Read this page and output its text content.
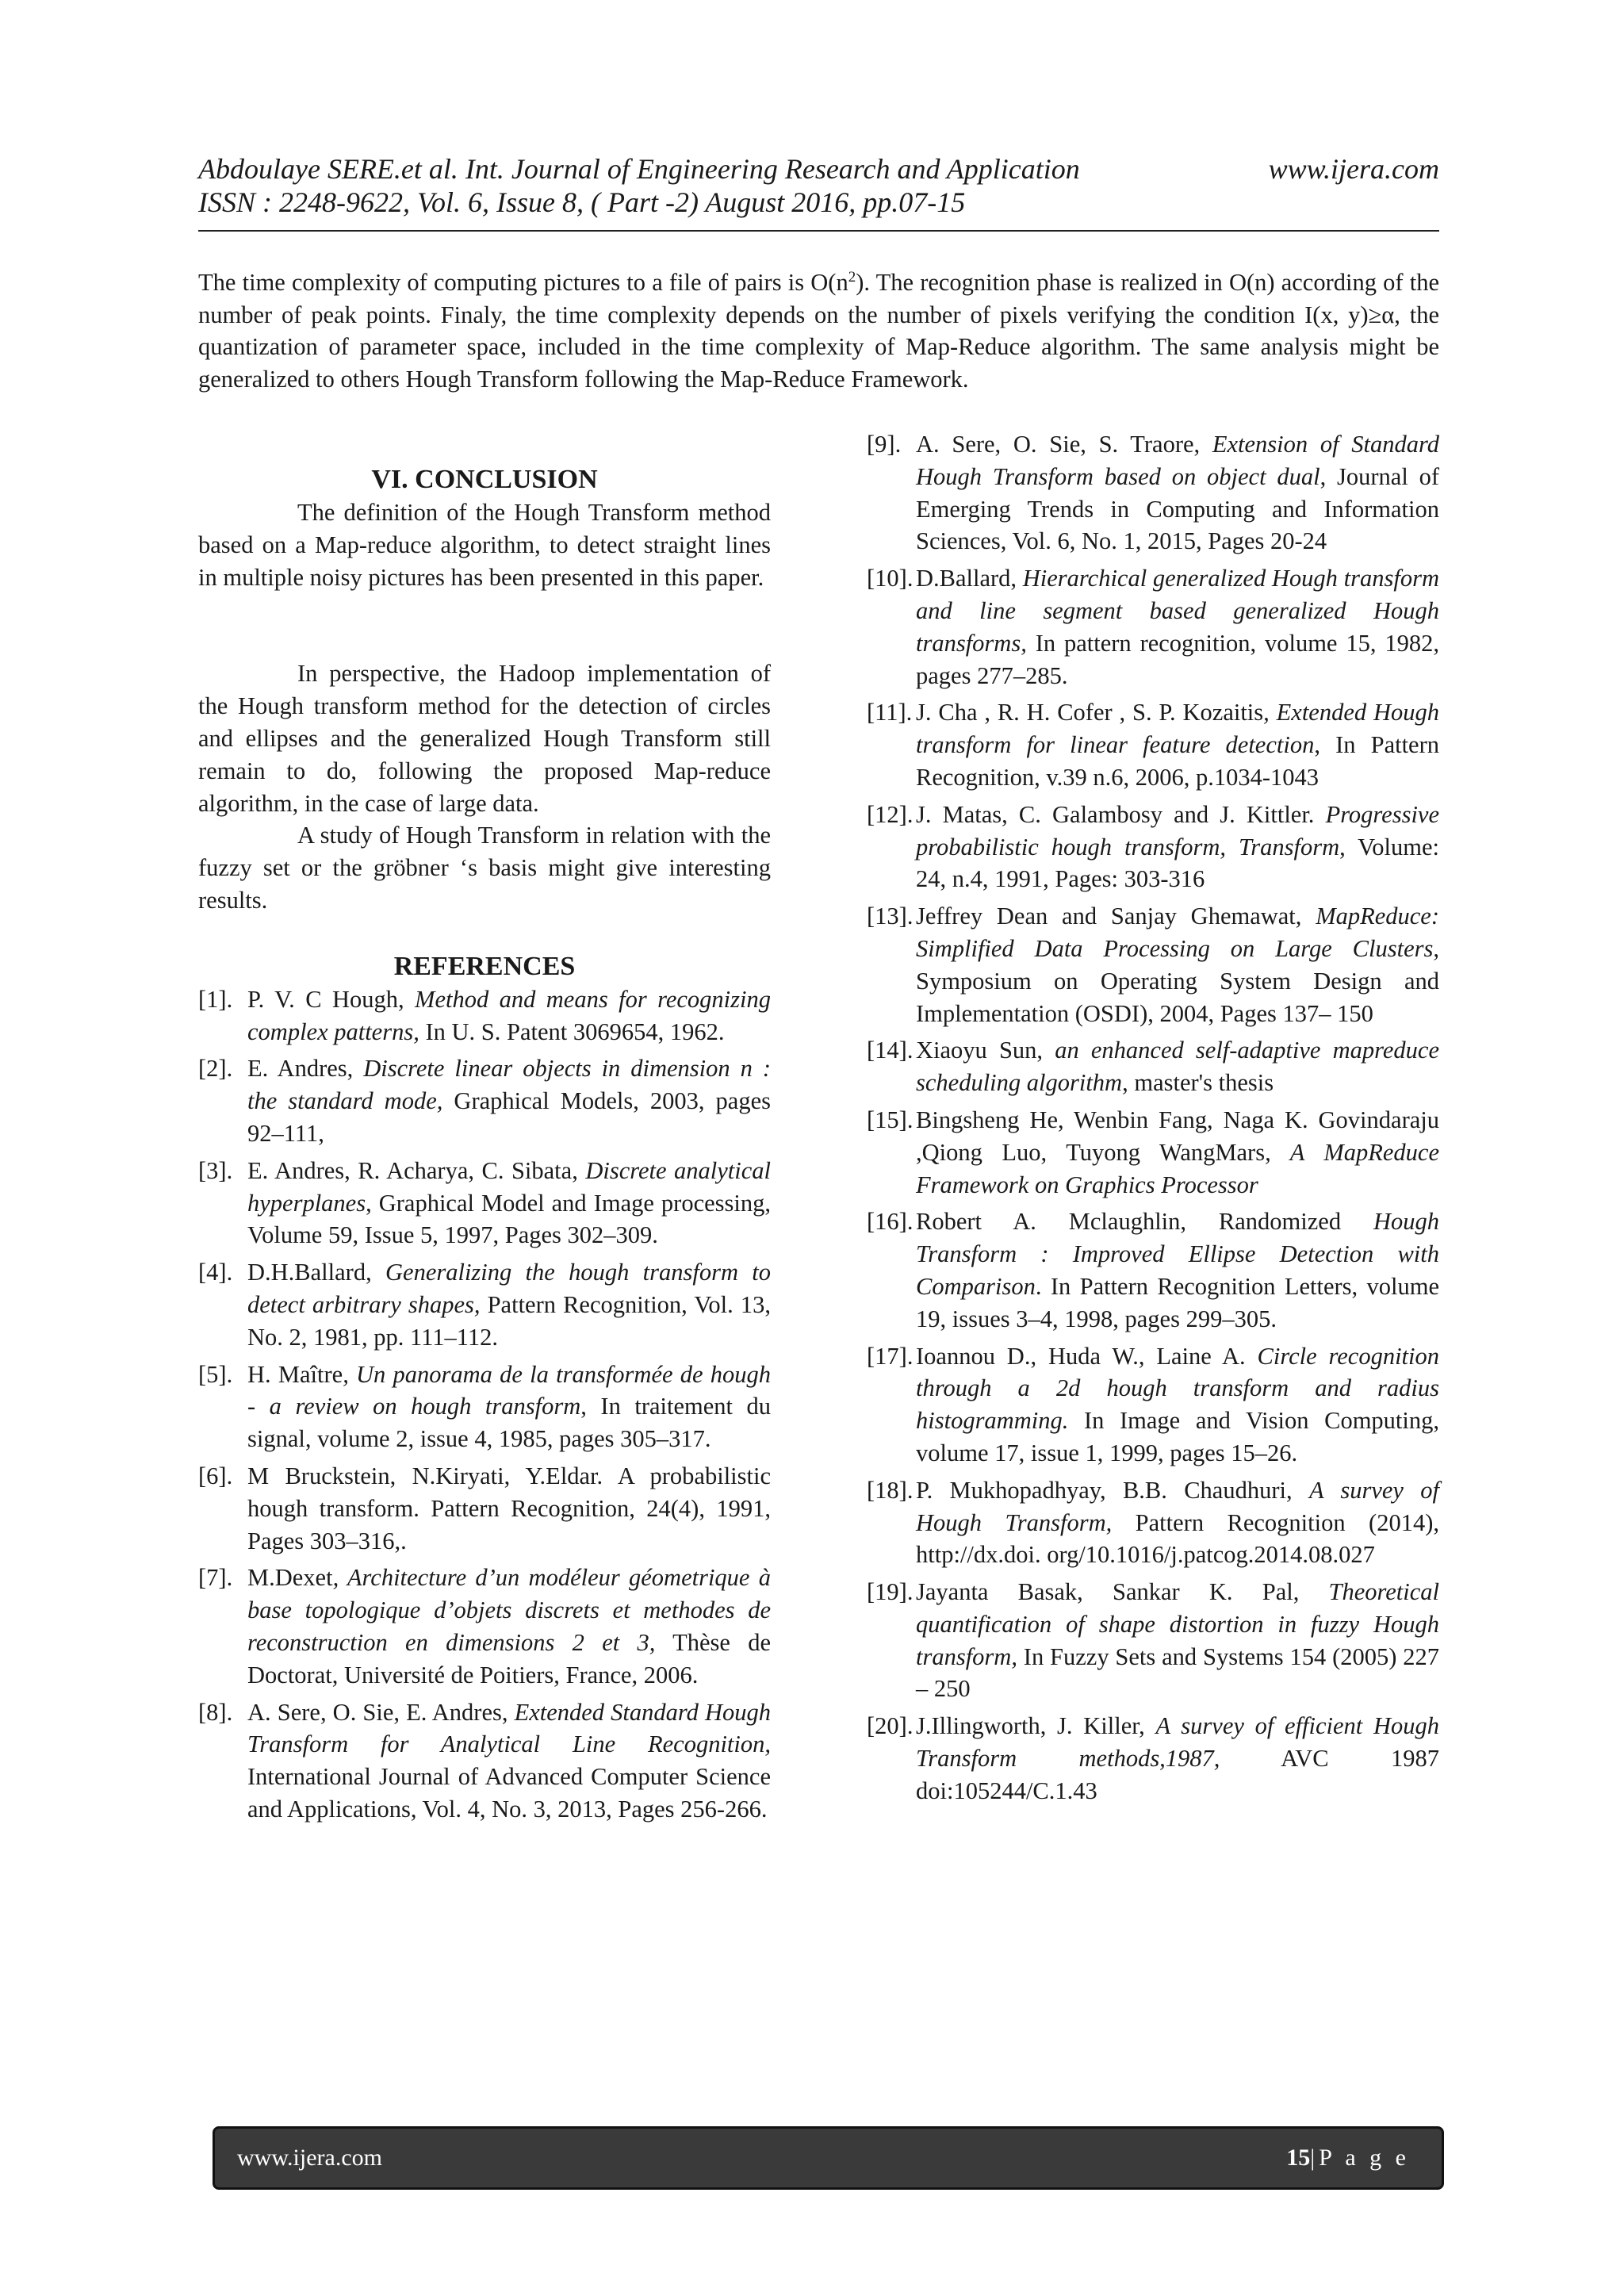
Abdoulaye SERE.et al. Int. Journal of Engineering Research and Application	www.ijera.com
ISSN : 2248-9622, Vol. 6, Issue 8, ( Part -2) August 2016, pp.07-15
The time complexity of computing pictures to a file of pairs is $O(n^2)$. The recognition phase is realized in O(n) according of the number of peak points. Finaly, the time complexity depends on the number of pixels verifying the condition I(x, y)≥α, the quantization of parameter space, included in the time complexity of Map-Reduce algorithm. The same analysis might be generalized to others Hough Transform following the Map-Reduce Framework.
VI. CONCLUSION

The definition of the Hough Transform method based on a Map-reduce algorithm, to detect straight lines in multiple noisy pictures has been presented in this paper.

In perspective, the Hadoop implementation of the Hough transform method for the detection of circles and ellipses and the generalized Hough Transform still remain to do, following the proposed Map-reduce algorithm, in the case of large data.

A study of Hough Transform in relation with the fuzzy set or the gröbner ‘s basis might give interesting results.

REFERENCES
[1]. P. V. C Hough, Method and means for recognizing complex patterns, In U. S. Patent 3069654, 1962.
[2]. E. Andres, Discrete linear objects in dimension n : the standard mode, Graphical Models, 2003, pages 92–111,
[3]. E. Andres, R. Acharya, C. Sibata, Discrete analytical hyperplanes, Graphical Model and Image processing, Volume 59, Issue 5, 1997, Pages 302–309.
[4]. D.H.Ballard, Generalizing the hough transform to detect arbitrary shapes, Pattern Recognition, Vol. 13, No. 2, 1981, pp. 111–112.
[5]. H. Maître, Un panorama de la transformée de hough - a review on hough transform, In traitement du signal, volume 2, issue 4, 1985, pages 305–317.
[6]. M Bruckstein, N.Kiryati, Y.Eldar. A probabilistic hough transform. Pattern Recognition, 24(4), 1991, Pages 303–316,.
[7]. M.Dexet, Architecture d’un modéleur géometrique à base topologique d’objets discrets et methodes de reconstruction en dimensions 2 et 3, Thèse de Doctorat, Université de Poitiers, France, 2006.
[8]. A. Sere, O. Sie, E. Andres, Extended Standard Hough Transform for Analytical Line Recognition, International Journal of Advanced Computer Science and Applications, Vol. 4, No. 3, 2013, Pages 256-266.
[9]. A. Sere, O. Sie, S. Traore, Extension of Standard Hough Transform based on object dual, Journal of Emerging Trends in Computing and Information Sciences, Vol. 6, No. 1, 2015, Pages 20-24
[10]. D.Ballard, Hierarchical generalized Hough transform and line segment based generalized Hough transforms, In pattern recognition, volume 15, 1982, pages 277–285.
[11]. J. Cha , R. H. Cofer , S. P. Kozaitis, Extended Hough transform for linear feature detection, In Pattern Recognition, v.39 n.6, 2006, p.1034-1043
[12]. J. Matas, C. Galambosy and J. Kittler. Progressive probabilistic hough transform, Transform, Volume: 24, n.4, 1991, Pages: 303-316
[13]. Jeffrey Dean and Sanjay Ghemawat, MapReduce: Simplified Data Processing on Large Clusters, Symposium on Operating System Design and Implementation (OSDI), 2004, Pages 137– 150
[14]. Xiaoyu Sun, an enhanced self-adaptive mapreduce scheduling algorithm, master's thesis
[15]. Bingsheng He, Wenbin Fang, Naga K. Govindaraju ,Qiong Luo, Tuyong WangMars, A MapReduce Framework on Graphics Processor
[16]. Robert A. Mclaughlin, Randomized Hough Transform : Improved Ellipse Detection with Comparison. In Pattern Recognition Letters, volume 19, issues 3–4, 1998, pages 299–305.
[17]. Ioannou D., Huda W., Laine A. Circle recognition through a 2d hough transform and radius histogramming. In Image and Vision Computing, volume 17, issue 1, 1999, pages 15–26.
[18]. P. Mukhopadhyay, B.B. Chaudhuri, A survey of Hough Transform, Pattern Recognition (2014), http://dx.doi. org/10.1016/j.patcog.2014.08.027
[19]. Jayanta Basak, Sankar K. Pal, Theoretical quantification of shape distortion in fuzzy Hough transform, In Fuzzy Sets and Systems 154 (2005) 227 – 250
[20]. J.Illingworth, J. Killer, A survey of efficient Hough Transform methods,1987, AVC 1987 doi:105244/C.1.43
www.ijera.com	15|P a g e
